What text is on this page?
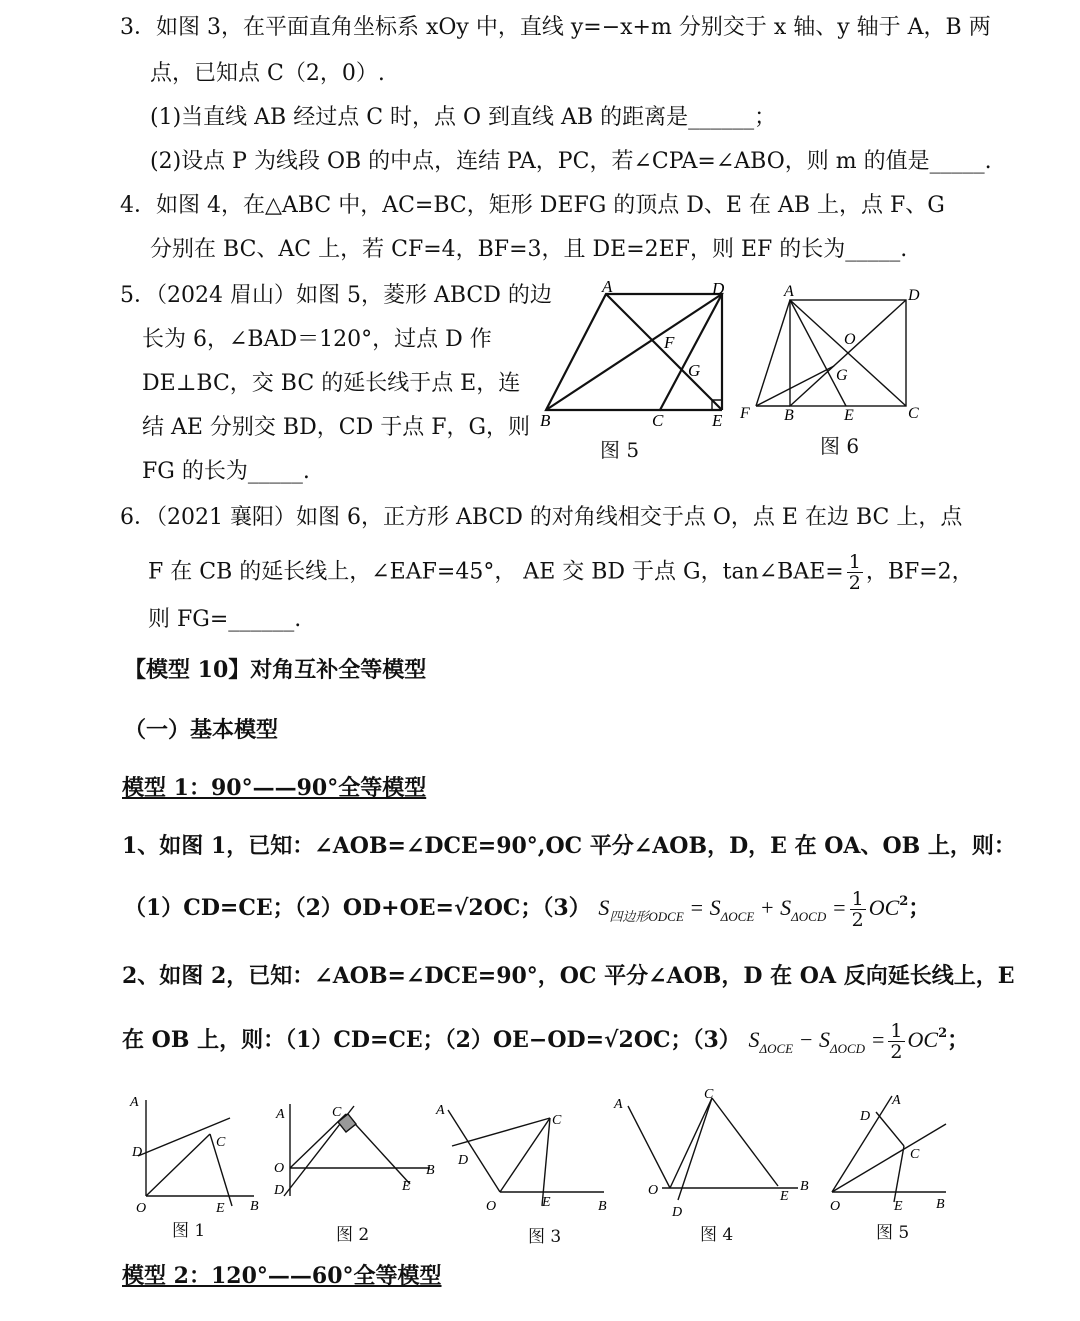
3．如图 3，在平面直角坐标系 xOy 中，直线 y=−x+m 分别交于 x 轴、y 轴于 A，B 两
点，已知点 C（2，0）.
(1)当直线 AB 经过点 C 时，点 O 到直线 AB 的距离是______；
(2)设点 P 为线段 OB 的中点，连结 PA，PC，若∠CPA=∠ABO，则 m 的值是_____.
4．如图 4，在△ABC 中，AC=BC，矩形 DEFG 的顶点 D、E 在 AB 上，点 F、G
分别在 BC、AC 上，若 CF=4，BF=3，且 DE=2EF，则 EF 的长为_____.
5．（2024 眉山）如图 5，菱形 ABCD 的边
长为 6，∠BAD＝120°，过点 D 作
DE⊥BC，交 BC 的延长线于点 E，连
结 AE 分别交 BD，CD 于点 F，G，则
FG 的长为_____.
A	D
F
G
B	C	E
图 5
A	D
O
G
F B	E	C
图 6
6．（2021 襄阳）如图 6，正方形 ABCD 的对角线相交于点 O，点 E 在边 BC 上，点
F 在 CB 的延长线上，∠EAF=45°， AE 交 BD 于点 G，tan∠BAE= $\frac{1}{2}$ ，BF=2，
则 FG=______.
【模型 10】对角互补全等模型
（一）基本模型
模型 1：90°——90°全等模型
1、如图 1，已知：∠AOB=∠DCE=90°,OC 平分∠AOB，D，E 在 OA、OB 上，则：
（1）CD=CE；（2）OD+OE=√2OC；（3） $S_{四边形ODCE} = S_{\Delta OCE} + S_{\Delta OCD} = \frac{1}{2} OC^2$；
2、如图 2，已知：∠AOB=∠DCE=90°，OC 平分∠AOB，D 在 OA 反向延长线上，E
在 OB 上，则：（1）CD=CE；（2）OE−OD=√2OC；（3） $S_{\Delta OCE} - S_{\Delta OCD} = \frac{1}{2} OC^2$；
A
D
C
O	E B
图 1
A	C
O
D	E
B
图 2
A
D
C
O	E	B
图 3
A
C
O
D
E
B
图 4
D
A
C
O	E B
图 5
模型 2：120°——60°全等模型
